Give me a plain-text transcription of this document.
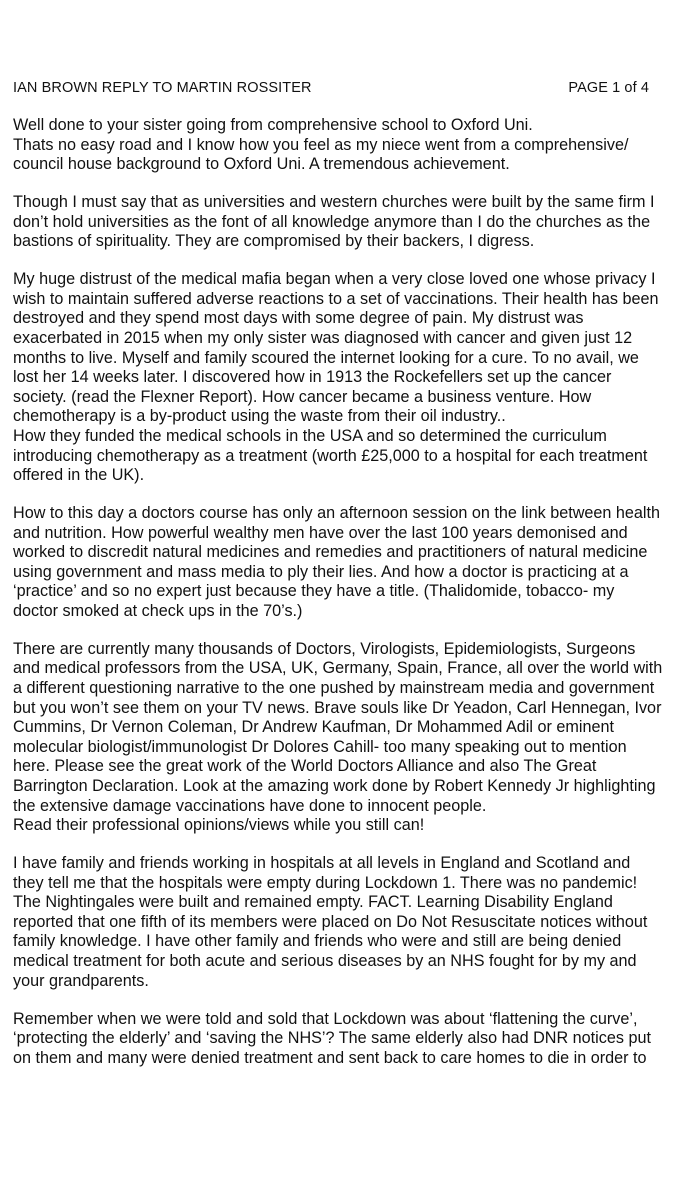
IAN BROWN REPLY TO MARTIN ROSSITER	PAGE 1 of 4
Well done to your sister going from comprehensive school to Oxford Uni.
Thats no easy road and I know how you feel as my niece went from a comprehensive/
council house background to Oxford Uni. A tremendous achievement.
Though I must say that as universities and western churches were built by the same firm I
don’t hold universities as the font of all knowledge anymore than I do the churches as the
bastions of spirituality. They are compromised by their backers, I digress.
My huge distrust of the medical mafia began when a very close loved one whose privacy I
wish to maintain suffered adverse reactions to a set of vaccinations. Their health has been
destroyed and they spend most days with some degree of pain. My distrust was
exacerbated in 2015 when my only sister was diagnosed with cancer and given just 12
months to live. Myself and family scoured the internet looking for a cure. To no avail, we
lost her 14 weeks later. I discovered how in 1913 the Rockefellers set up the cancer
society. (read the Flexner Report). How cancer became a business venture. How
chemotherapy is a by-product using the waste from their oil industry..
How they funded the medical schools in the USA and so determined the curriculum
introducing chemotherapy as a treatment (worth £25,000 to a hospital for each treatment
offered in the UK).
How to this day a doctors course has only an afternoon session on the link between health
and nutrition. How powerful wealthy men have over the last 100 years demonised and
worked to discredit natural medicines and remedies and practitioners of natural medicine
using government and mass media to ply their lies. And how a doctor is practicing at a
‘practice’ and so no expert just because they have a title. (Thalidomide, tobacco- my
doctor smoked at check ups in the 70’s.)
There are currently many thousands of Doctors, Virologists, Epidemiologists, Surgeons
and medical professors from the USA, UK, Germany, Spain, France, all over the world with
a different questioning narrative to the one pushed by mainstream media and government
but you won’t see them on your TV news. Brave souls like Dr Yeadon, Carl Hennegan, Ivor
Cummins, Dr Vernon Coleman, Dr Andrew Kaufman, Dr Mohammed Adil or eminent
molecular biologist/immunologist Dr Dolores Cahill- too many speaking out to mention
here. Please see the great work of the World Doctors Alliance and also The Great
Barrington Declaration. Look at the amazing work done by Robert Kennedy Jr highlighting
the extensive damage vaccinations have done to innocent people.
Read their professional opinions/views while you still can!
I have family and friends working in hospitals at all levels in England and Scotland and
they tell me that the hospitals were empty during Lockdown 1. There was no pandemic!
The Nightingales were built and remained empty. FACT. Learning Disability England
reported that one fifth of its members were placed on Do Not Resuscitate notices without
family knowledge. I have other family and friends who were and still are being denied
medical treatment for both acute and serious diseases by an NHS fought for by my and
your grandparents.
Remember when we were told and sold that Lockdown was about ‘flattening the curve’,
‘protecting the elderly’ and ‘saving the NHS’? The same elderly also had DNR notices put
on them and many were denied treatment and sent back to care homes to die in order to
